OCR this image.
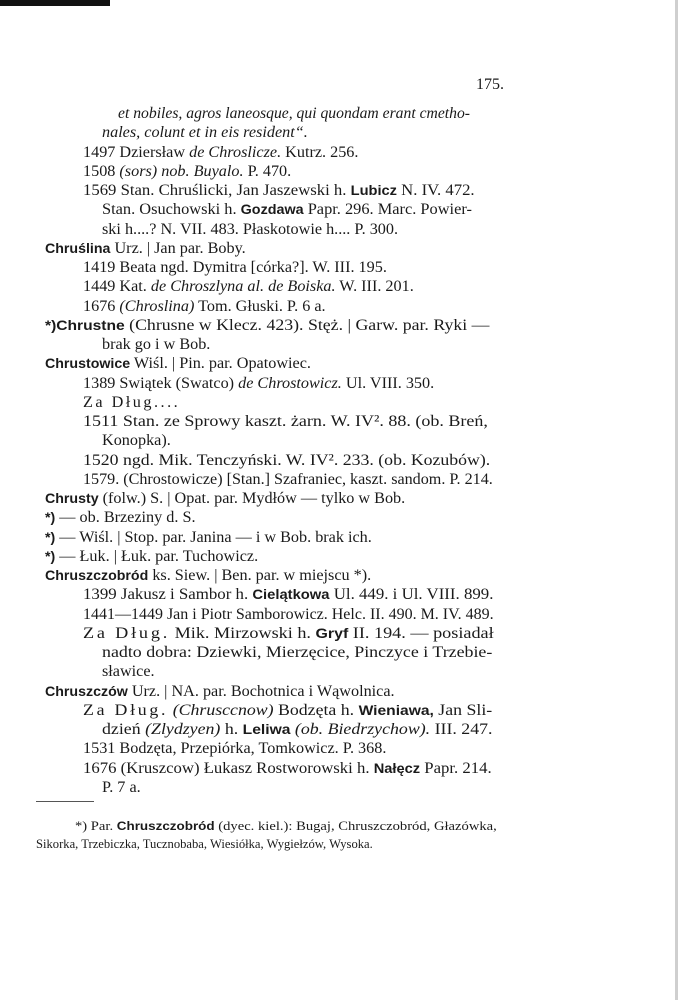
175.
et nobiles, agros laneosque, qui quondam erant cmetho-
nales, colunt et in eis resident“.
1497 Dziersław de Chroslicze. Kutrz. 256.
1508 (sors) nob. Buyalo. P. 470.
1569 Stan. Chruślicki, Jan Jaszewski h. Lubicz N. IV. 472.
Stan. Osuchowski h. Gozdawa Papr. 296. Marc. Powier-
ski h....? N. VII. 483. Płaskotowie h.... P. 300.
Chruślina Urz. | Jan par. Boby.
1419 Beata ngd. Dymitra [córka?]. W. III. 195.
1449 Kat. de Chroszlyna al. de Boiska. W. III. 201.
1676 (Chroslina) Tom. Głuski. P. 6 a.
*)Chrustne (Chrusne w Klecz. 423). Stęż. | Garw. par. Ryki —
brak go i w Bob.
Chrustowice Wiśl. | Pin. par. Opatowiec.
1389 Swiątek (Swatco) de Chrostowicz. Ul. VIII. 350.
Za Dług....
1511 Stan. ze Sprowy kaszt. żarn. W. IV². 88. (ob. Breń,
Konopka).
1520 ngd. Mik. Tenczyński. W. IV². 233. (ob. Kozubów).
1579. (Chrostowicze) [Stan.] Szafraniec, kaszt. sandom. P. 214.
Chrusty (folw.) S. | Opat. par. Mydłów — tylko w Bob.
*) — ob. Brzeziny d. S.
*) — Wiśl. | Stop. par. Janina — i w Bob. brak ich.
*) — Łuk. | Łuk. par. Tuchowicz.
Chruszczobród ks. Siew. | Ben. par. w miejscu *).
1399 Jakusz i Sambor h. Cielątkowa Ul. 449. i Ul. VIII. 899.
1441—1449 Jan i Piotr Samborowicz. Helc. II. 490. M. IV. 489.
Za Dług. Mik. Mirzowski h. Gryf II. 194. — posiadał
nadto dobra: Dziewki, Mierzęcice, Pinczyce i Trzebie-
sławice.
Chruszczów Urz. | NA. par. Bochotnica i Wąwolnica.
Za Dług. (Chrusccnow) Bodzęta h. Wieniawa, Jan Sli-
dzień (Zlydzyen) h. Leliwa (ob. Biedrzychow). III. 247.
1531 Bodzęta, Przepiórka, Tomkowicz. P. 368.
1676 (Kruszcow) Łukasz Rostworowski h. Nałęcz Papr. 214.
P. 7 a.
*) Par. Chruszczobród (dyec. kiel.): Bugaj, Chruszczobród, Głazówka,
Sikorka, Trzebiczka, Tucznobaba, Wiesiółka, Wygiełzów, Wysoka.
